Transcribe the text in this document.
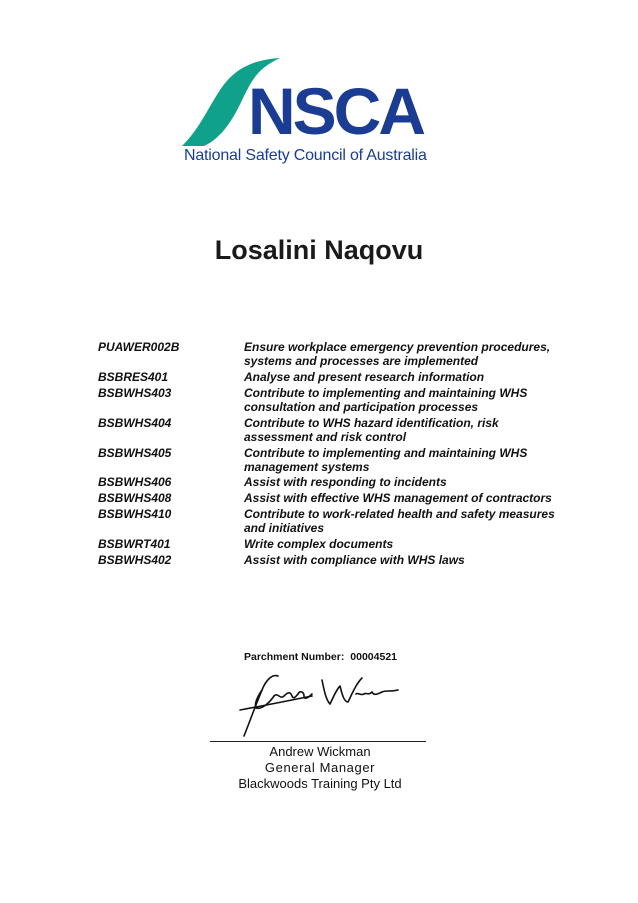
NSCA
National Safety Council of Australia
Losalini Naqovu
PUAWER002B	Ensure workplace emergency prevention procedures,
systems and processes are implemented
BSBRES401	Analyse and present research information
BSBWHS403	Contribute to implementing and maintaining WHS
consultation and participation processes
BSBWHS404	Contribute to WHS hazard identification, risk
assessment and risk control
BSBWHS405	Contribute to implementing and maintaining WHS
management systems
BSBWHS406	Assist with responding to incidents
BSBWHS408	Assist with effective WHS management of contractors
BSBWHS410	Contribute to work-related health and safety measures
and initiatives
BSBWRT401	Write complex documents
BSBWHS402	Assist with compliance with WHS laws
Parchment Number: 00004521
Andrew Wickman
General Manager
Blackwoods Training Pty Ltd
